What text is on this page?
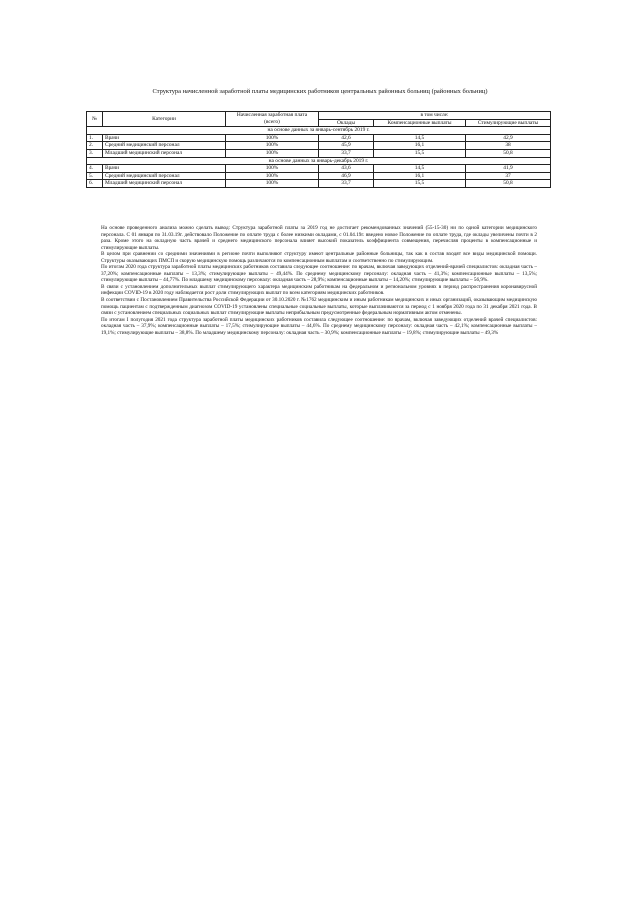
Структура начисленной заработной платы медицинских работников центральных районных больниц (районных больниц)
№	Категории	Начисленная заработная плата	в том числе:		
		(всего)	Оклады	Компенсационные выплаты	Стимулирующие выплаты
на основе данных за январь-сентябрь 2019 г.					
1.	Врачи	100%	42,6	14,5	42,9
2.	Средний медицинский персонал	100%	45,9	16,1	38
3.	Младший медицинский персонал	100%	33,7	15,5	50,8
на основе данных за январь-декабрь 2019 г.					
4.	Врачи	100%	43,6	14,5	41,9
5.	Средний медицинский персонал	100%	46,9	16,1	37
6.	Младший медицинский персонал	100%	33,7	15,5	50,8

На основе проведенного анализа можно сделать вывод: Структура заработной платы за 2019 год не достигает рекомендованных значений (55-15-30) ни по одной категории медицинского персонала. С 01 января по 31.03.19г. действовало Положение по оплате труда с более низкими окладами, с 01.04.19г. введено новое Положение по оплате труда, где оклады увеличены почти в 2 раза. Кроме этого на окладную часть врачей и среднего медицинского персонала влияет высокий показатель коэффициента совмещения, перечисляя проценты в компенсационные и стимулирующие выплаты.

В целом при сравнении со средними значениями в регионе почти выполняют структуру имеют центральные районные больницы, так как в состав входят все виды медицинской помощи. Структуры оказывающих ПМСП и скорую медицинскую помощь различаются по компенсационным выплатам и соответственно по стимулирующим.

По итогам 2020 года структура заработной платы медицинских работников составила следующее соотношение: по врачам, включая заведующих отделений-врачей специалистов: окладная часть – 37,20%; компенсационные выплаты – 13,3%; стимулирующие выплаты – 49,44%. По среднему медицинскому персоналу: окладная часть – 41,3%; компенсационные выплаты – 13,5%; стимулирующие выплаты – 44,77%. По младшему медицинскому персоналу: окладная часть – 28,9%; компенсационные выплаты – 14,20%; стимулирующие выплаты – 56,9%.

В связи с установлением дополнительных выплат стимулирующего характера медицинским работникам на федеральном и региональном уровнях в период распространения коронавирусной инфекции COVID-19 в 2020 году наблюдается рост доли стимулирующих выплат по всем категориям медицинских работников.

В соответствии с Постановлением Правительства Российской Федерации от 30.10.2020 г. №1762 медицинским и иным работникам медицинских и иных организаций, оказывающим медицинскую помощь пациентам с подтвержденным диагнозом COVID-19 установлены специальные социальные выплаты, которые выплачиваются за период с 1 ноября 2020 года по 31 декабря 2021 года. В связи с установлением специальных социальных выплат стимулирующие выплаты неприбыльным предусмотренные федеральным нормативным актом отменены.

По итогам I полугодия 2021 года структура заработной платы медицинских работников составила следующее соотношение: по врачам, включая заведующих отделений врачей специалистов: окладная часть – 37,9%; компенсационные выплаты – 17,5%; стимулирующие выплаты – 44,6%. По среднему медицинскому персоналу: окладная часть – 42,1%; компенсационные выплаты – 19,1%; стимулирующие выплаты – 38,8%. По младшему медицинскому персоналу: окладная часть – 30,9%; компенсационные выплаты – 19,8%; стимулирующие выплаты – 49,3%
